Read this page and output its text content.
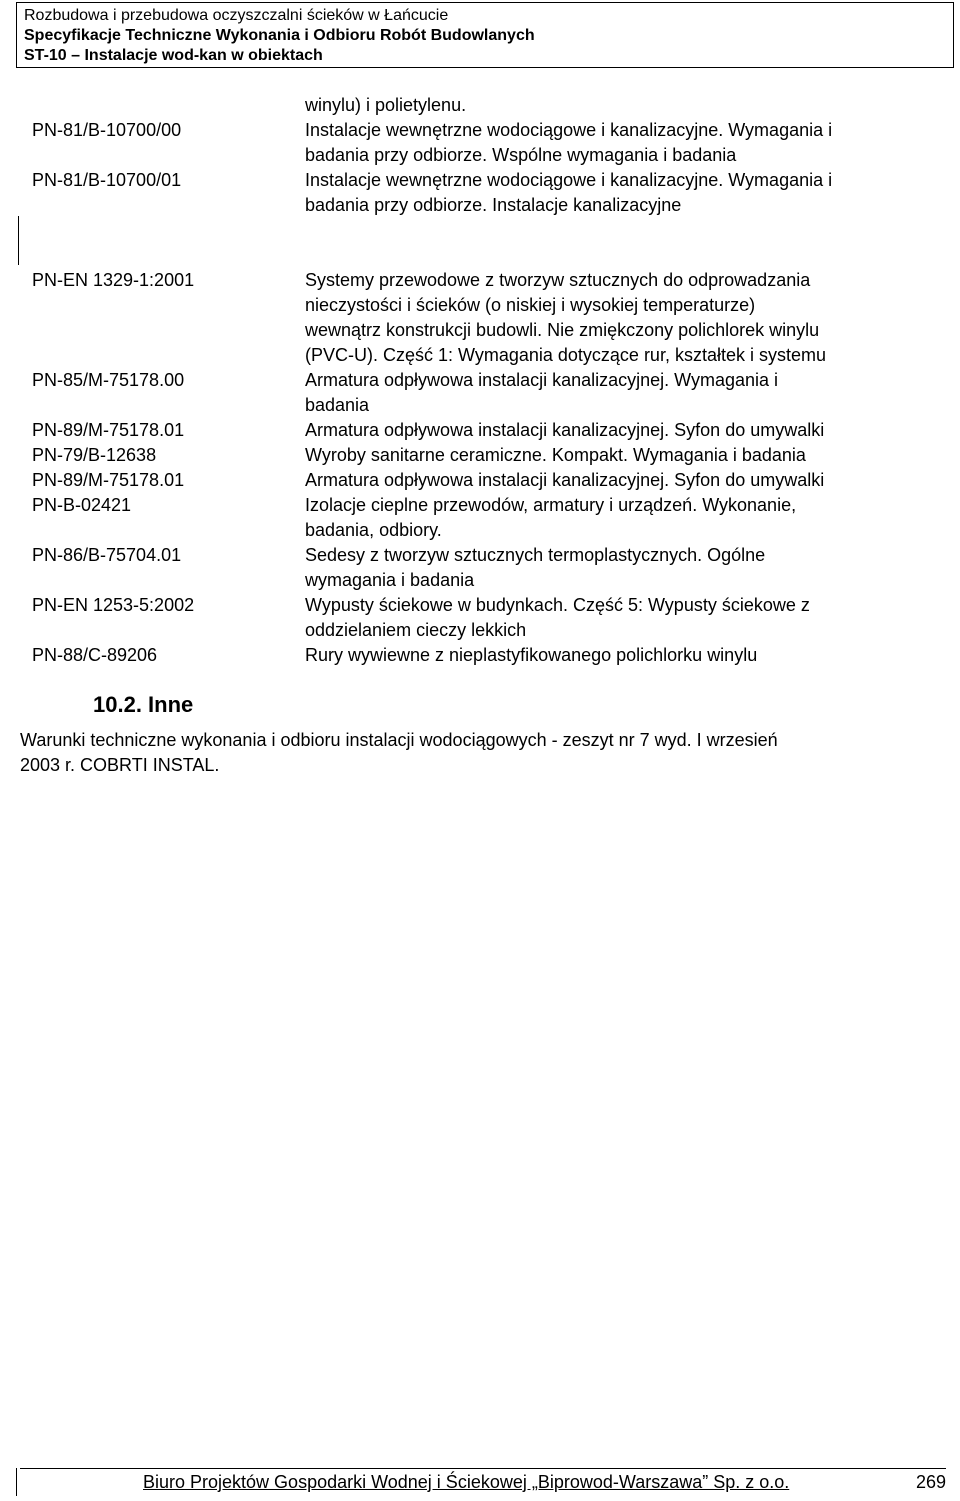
Rozbudowa i przebudowa oczyszczalni ścieków w Łańcucie
Specyfikacje Techniczne Wykonania i Odbioru Robót Budowlanych
ST-10 – Instalacje wod-kan w obiektach
PN-81/B-10700/00
PN-81/B-10700/01
winylu) i polietylenu.
Instalacje wewnętrzne wodociągowe i kanalizacyjne. Wymagania i
badania przy odbiorze. Wspólne wymagania i badania
Instalacje wewnętrzne wodociągowe i kanalizacyjne. Wymagania i
badania przy odbiorze. Instalacje kanalizacyjne
PN-EN 1329-1:2001
PN-85/M-75178.00
PN-89/M-75178.01
PN-79/B-12638
PN-89/M-75178.01
PN-B-02421
PN-86/B-75704.01
PN-EN 1253-5:2002
PN-88/C-89206
Systemy przewodowe z tworzyw sztucznych do odprowadzania
nieczystości i ścieków (o niskiej i wysokiej temperaturze)
wewnątrz konstrukcji budowli. Nie zmiękczony polichlorek winylu
(PVC-U). Część 1: Wymagania dotyczące rur, kształtek i systemu
Armatura odpływowa instalacji kanalizacyjnej. Wymagania i
badania
Armatura odpływowa instalacji kanalizacyjnej. Syfon do umywalki
Wyroby sanitarne ceramiczne. Kompakt. Wymagania i badania
Armatura odpływowa instalacji kanalizacyjnej. Syfon do umywalki
Izolacje cieplne przewodów, armatury i urządzeń. Wykonanie,
badania, odbiory.
Sedesy z tworzyw sztucznych termoplastycznych. Ogólne
wymagania i badania
Wypusty ściekowe w budynkach. Część 5: Wypusty ściekowe z
oddzielaniem cieczy lekkich
Rury wywiewne z nieplastyfikowanego polichlorku winylu
10.2. Inne
Warunki techniczne wykonania i odbioru instalacji wodociągowych - zeszyt nr 7 wyd. I wrzesień
2003 r. COBRTI INSTAL.
Biuro Projektów Gospodarki Wodnej i Ściekowej „Biprowod-Warszawa” Sp. z o.o.	269
